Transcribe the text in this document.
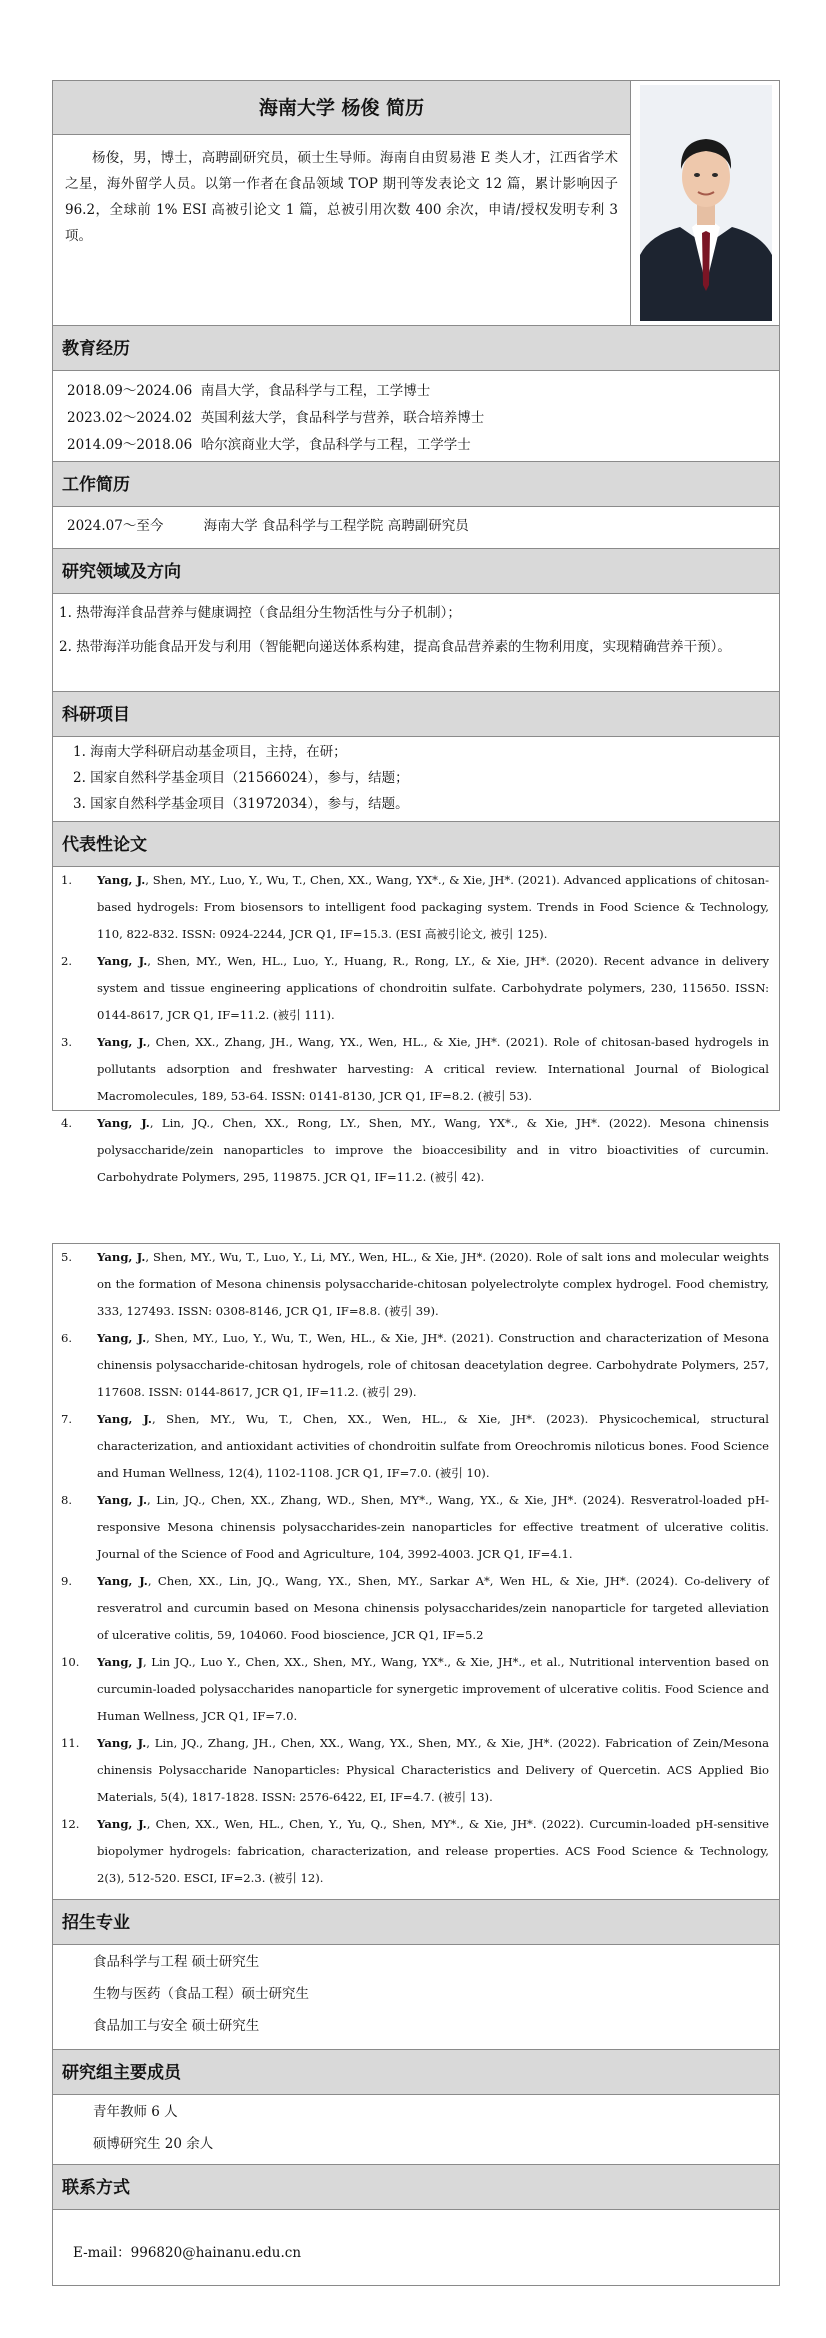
海南大学 杨俊 简历
杨俊，男，博士，高聘副研究员，硕士生导师。海南自由贸易港 E 类人才，江西省学术之星，海外留学人员。以第一作者在食品领域 TOP 期刊等发表论文 12 篇，累计影响因子 96.2，全球前 1% ESI 高被引论文 1 篇，总被引用次数 400 余次，申请/授权发明专利 3 项。
教育经历
2018.09～2024.06
南昌大学，食品科学与工程，工学博士
2023.02～2024.02
英国利兹大学，食品科学与营养，联合培养博士
2014.09～2018.06
哈尔滨商业大学，食品科学与工程，工学学士
工作简历
2024.07～至今	海南大学 食品科学与工程学院 高聘副研究员
研究领域及方向
1. 热带海洋食品营养与健康调控（食品组分生物活性与分子机制）；
2. 热带海洋功能食品开发与利用（智能靶向递送体系构建，提高食品营养素的生物利用度，实现精确营养干预）。
科研项目
1. 海南大学科研启动基金项目，主持，在研；
2. 国家自然科学基金项目（21566024），参与，结题；
3. 国家自然科学基金项目（31972034），参与，结题。
代表性论文
1.	Yang, J., Shen, MY., Luo, Y., Wu, T., Chen, XX., Wang, YX*., & Xie, JH*. (2021). Advanced applications of chitosan-based hydrogels: From biosensors to intelligent food packaging system. Trends in Food Science & Technology, 110, 822-832. ISSN: 0924-2244, JCR Q1, IF=15.3. (ESI 高被引论文, 被引 125).
2.	Yang, J., Shen, MY., Wen, HL., Luo, Y., Huang, R., Rong, LY., & Xie, JH*. (2020). Recent advance in delivery system and tissue engineering applications of chondroitin sulfate. Carbohydrate polymers, 230, 115650. ISSN: 0144-8617, JCR Q1, IF=11.2. (被引 111).
3.	Yang, J., Chen, XX., Zhang, JH., Wang, YX., Wen, HL., & Xie, JH*. (2021). Role of chitosan-based hydrogels in pollutants adsorption and freshwater harvesting: A critical review. International Journal of Biological Macromolecules, 189, 53-64. ISSN: 0141-8130, JCR Q1, IF=8.2. (被引 53).
4.	Yang, J., Lin, JQ., Chen, XX., Rong, LY., Shen, MY., Wang, YX*., & Xie, JH*. (2022). Mesona chinensis polysaccharide/zein nanoparticles to improve the bioaccesibility and in vitro bioactivities of curcumin. Carbohydrate Polymers, 295, 119875. JCR Q1, IF=11.2. (被引 42).
5.	Yang, J., Shen, MY., Wu, T., Luo, Y., Li, MY., Wen, HL., & Xie, JH*. (2020). Role of salt ions and molecular weights on the formation of Mesona chinensis polysaccharide-chitosan polyelectrolyte complex hydrogel. Food chemistry, 333, 127493. ISSN: 0308-8146, JCR Q1, IF=8.8. (被引 39).
6.	Yang, J., Shen, MY., Luo, Y., Wu, T., Wen, HL., & Xie, JH*. (2021). Construction and characterization of Mesona chinensis polysaccharide-chitosan hydrogels, role of chitosan deacetylation degree. Carbohydrate Polymers, 257, 117608. ISSN: 0144-8617, JCR Q1, IF=11.2. (被引 29).
7.	Yang, J., Shen, MY., Wu, T., Chen, XX., Wen, HL., & Xie, JH*. (2023). Physicochemical, structural characterization, and antioxidant activities of chondroitin sulfate from Oreochromis niloticus bones. Food Science and Human Wellness, 12(4), 1102-1108. JCR Q1, IF=7.0. (被引 10).
8.	Yang, J., Lin, JQ., Chen, XX., Zhang, WD., Shen, MY*., Wang, YX., & Xie, JH*. (2024). Resveratrol‐loaded pH‐responsive Mesona chinensis polysaccharides‐zein nanoparticles for effective treatment of ulcerative colitis. Journal of the Science of Food and Agriculture, 104, 3992-4003. JCR Q1, IF=4.1.
9.	Yang, J., Chen, XX., Lin, JQ., Wang, YX., Shen, MY., Sarkar A*, Wen HL, & Xie, JH*. (2024). Co-delivery of resveratrol and curcumin based on Mesona chinensis polysaccharides/zein nanoparticle for targeted alleviation of ulcerative colitis, 59, 104060. Food bioscience, JCR Q1, IF=5.2
10.	Yang, J, Lin JQ., Luo Y., Chen, XX., Shen, MY., Wang, YX*., & Xie, JH*., et al., Nutritional intervention based on curcumin-loaded polysaccharides nanoparticle for synergetic improvement of ulcerative colitis. Food Science and Human Wellness, JCR Q1, IF=7.0.
11.	Yang, J., Lin, JQ., Zhang, JH., Chen, XX., Wang, YX., Shen, MY., & Xie, JH*. (2022). Fabrication of Zein/Mesona chinensis Polysaccharide Nanoparticles: Physical Characteristics and Delivery of Quercetin. ACS Applied Bio Materials, 5(4), 1817-1828. ISSN: 2576-6422, EI, IF=4.7. (被引 13).
12.	Yang, J., Chen, XX., Wen, HL., Chen, Y., Yu, Q., Shen, MY*., & Xie, JH*. (2022). Curcumin-loaded pH-sensitive biopolymer hydrogels: fabrication, characterization, and release properties. ACS Food Science & Technology, 2(3), 512-520. ESCI, IF=2.3. (被引 12).
招生专业
食品科学与工程 硕士研究生
生物与医药（食品工程）硕士研究生
食品加工与安全 硕士研究生
研究组主要成员
青年教师 6 人
硕博研究生 20 余人
联系方式
E-mail：996820@hainanu.edu.cn
